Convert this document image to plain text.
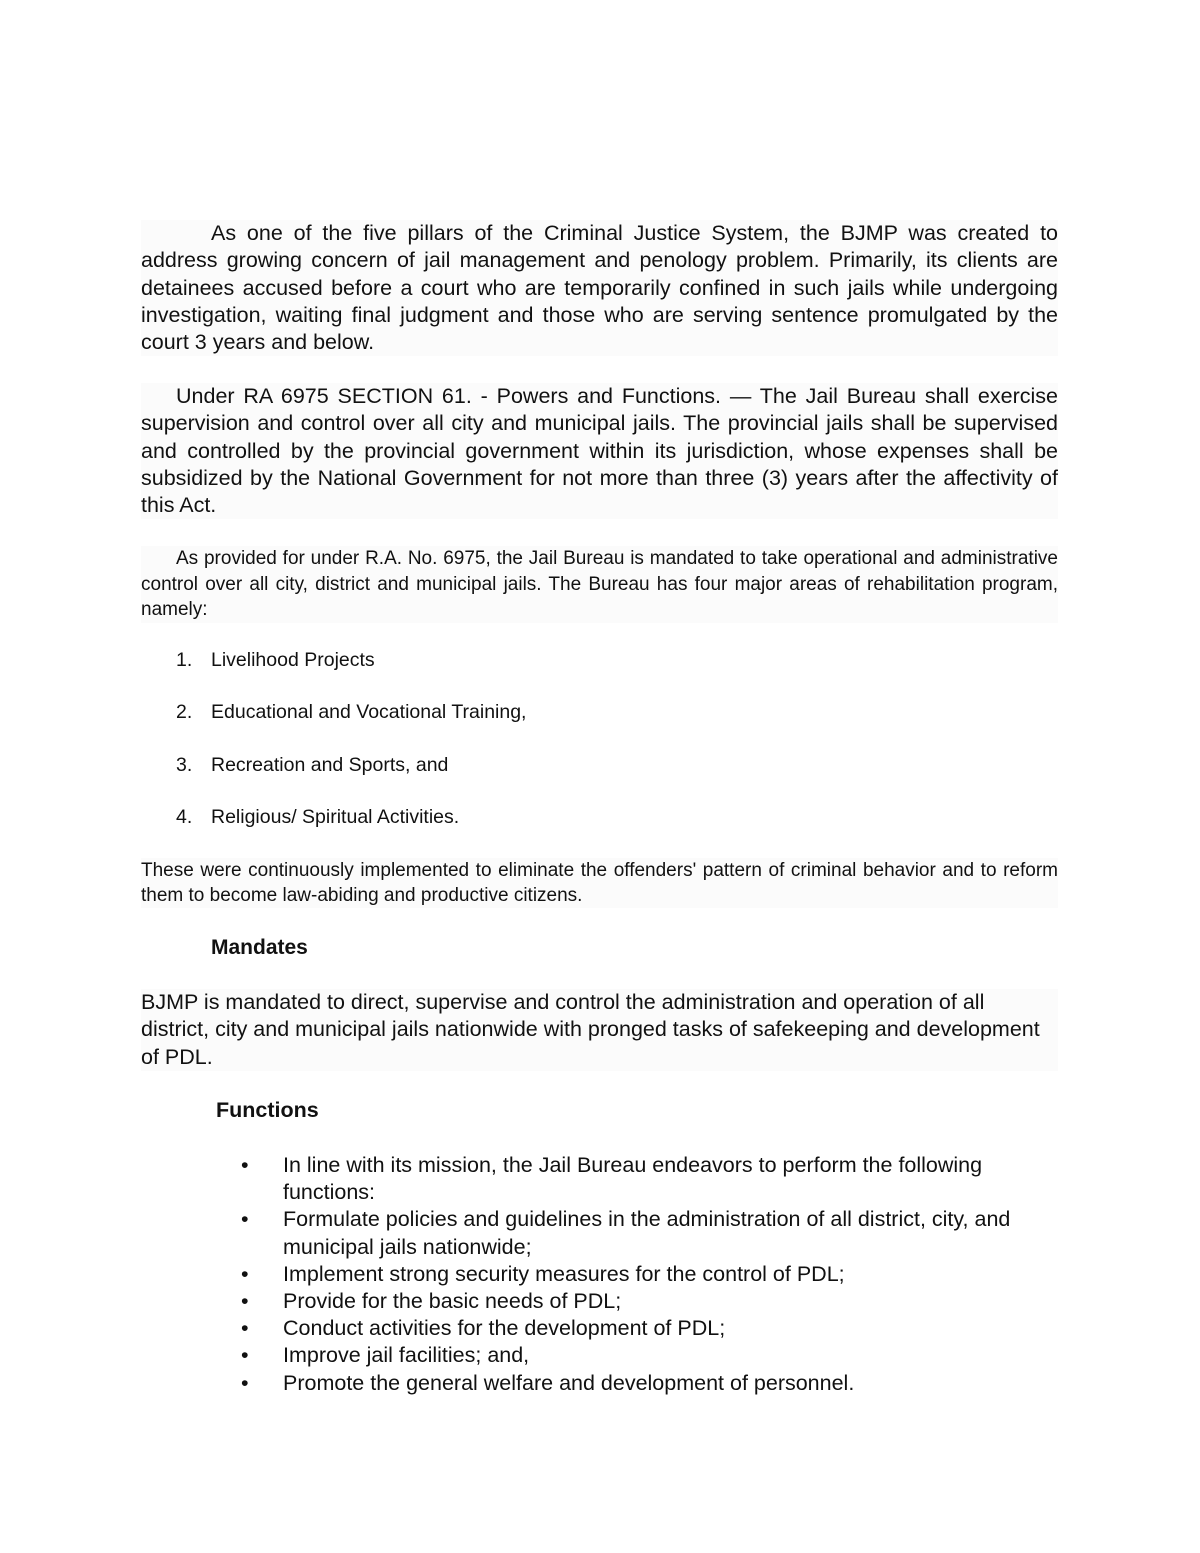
As one of the five pillars of the Criminal Justice System, the BJMP was created to address growing concern of jail management and penology problem. Primarily, its clients are detainees accused before a court who are temporarily confined in such jails while undergoing investigation, waiting final judgment and those who are serving sentence promulgated by the court 3 years and below.

Under RA 6975 SECTION 61. - Powers and Functions. — The Jail Bureau shall exercise supervision and control over all city and municipal jails. The provincial jails shall be supervised and controlled by the provincial government within its jurisdiction, whose expenses shall be subsidized by the National Government for not more than three (3) years after the affectivity of this Act.

As provided for under R.A. No. 6975, the Jail Bureau is mandated to take operational and administrative control over all city, district and municipal jails. The Bureau has four major areas of rehabilitation program, namely:

1. Livelihood Projects
2. Educational and Vocational Training,
3. Recreation and Sports, and
4. Religious/ Spiritual Activities.

These were continuously implemented to eliminate the offenders' pattern of criminal behavior and to reform them to become law-abiding and productive citizens.

Mandates

BJMP is mandated to direct, supervise and control the administration and operation of all district, city and municipal jails nationwide with pronged tasks of safekeeping and development of PDL.

Functions
• In line with its mission, the Jail Bureau endeavors to perform the following functions:
• Formulate policies and guidelines in the administration of all district, city, and municipal jails nationwide;
• Implement strong security measures for the control of PDL;
• Provide for the basic needs of PDL;
• Conduct activities for the development of PDL;
• Improve jail facilities; and,
• Promote the general welfare and development of personnel.
